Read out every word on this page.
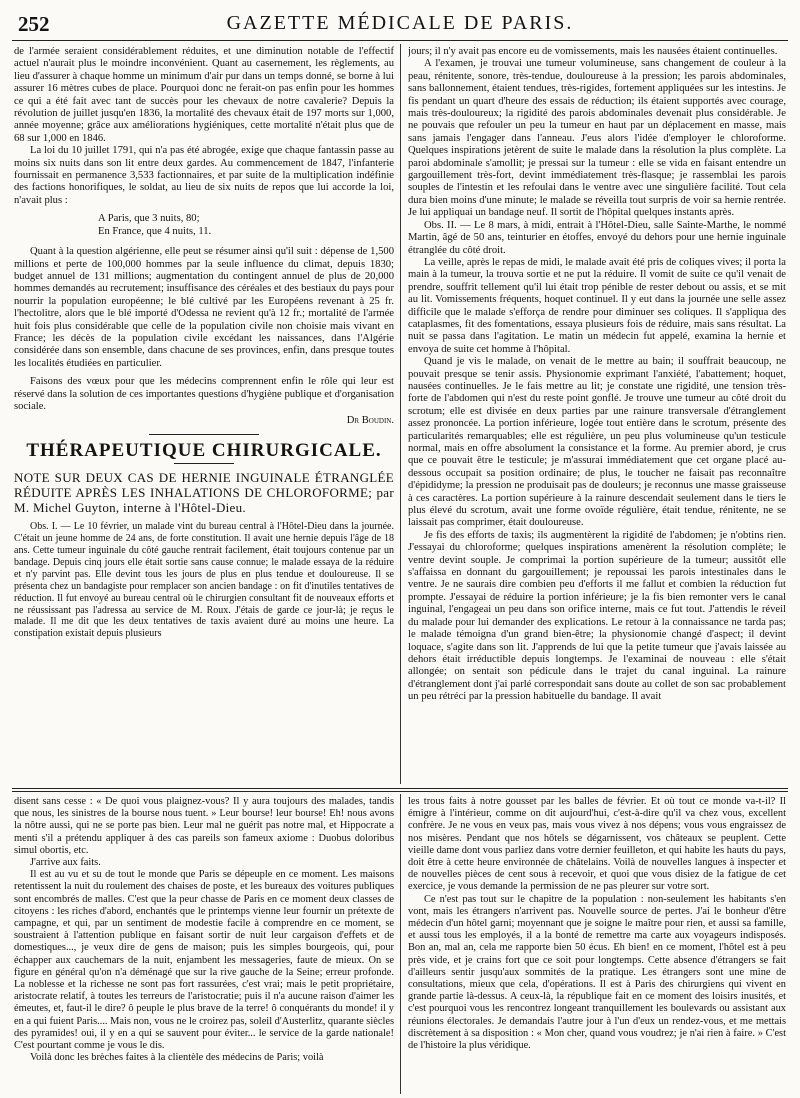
252	GAZETTE MÉDICALE DE PARIS.

de l'armée seraient considérablement réduites, et une diminution notable de l'effectif actuel n'aurait plus le moindre inconvénient. Quant au casernement, les règlements, au lieu d'assurer à chaque homme un minimum d'air pur dans un temps donné, se borne à lui assurer 16 mètres cubes de place. Pourquoi donc ne ferait-on pas enfin pour les hommes ce qui a été fait avec tant de succès pour les chevaux de notre cavalerie? Depuis la révolution de juillet jusqu'en 1836, la mortalité des chevaux était de 197 morts sur 1,000, année moyenne; grâce aux améliorations hygiéniques, cette mortalité n'était plus que de 68 sur 1,000 en 1846.

La loi du 10 juillet 1791, qui n'a pas été abrogée, exige que chaque fantassin passe au moins six nuits dans son lit entre deux gardes. Au commencement de 1847, l'infanterie fournissait en permanence 3,533 factionnaires, et par suite de la multiplication indéfinie des factions honorifiques, le soldat, au lieu de six nuits de repos que lui accorde la loi, n'avait plus :

A Paris, que 3 nuits, 80;
En France, que 4 nuits, 11.

Quant à la question algérienne, elle peut se résumer ainsi qu'il suit : dépense de 1,500 millions et perte de 100,000 hommes par la seule influence du climat, depuis 1830; budget annuel de 131 millions; augmentation du contingent annuel de plus de 20,000 hommes demandés au recrutement; insuffisance des céréales et des bestiaux du pays pour nourrir la population européenne; le blé cultivé par les Européens revenant à 25 fr. l'hectolitre, alors que le blé importé d'Odessa ne revient qu'à 12 fr.; mortalité de l'armée huit fois plus considérable que celle de la population civile non choisie mais vivant en France; les décès de la population civile excédant les naissances, dans l'Algérie considérée dans son ensemble, dans chacune de ses provinces, enfin, dans presque toutes les localités étudiées en particulier.

Faisons des vœux pour que les médecins comprennent enfin le rôle qui leur est réservé dans la solution de ces importantes questions d'hygiène publique et d'organisation sociale.

Dr Boudin.
THÉRAPEUTIQUE CHIRURGICALE.
NOTE SUR DEUX CAS DE HERNIE INGUINALE ÉTRANGLÉE RÉDUITE APRÈS LES INHALATIONS DE CHLOROFORME; par M. Michel Guyton, interne à l'Hôtel-Dieu.

Obs. I. — Le 10 février, un malade vint du bureau central à l'Hôtel-Dieu dans la journée. C'était un jeune homme de 24 ans, de forte constitution. Il avait une hernie depuis l'âge de 18 ans. Cette tumeur inguinale du côté gauche rentrait facilement, était toujours contenue par un bandage. Depuis cinq jours elle était sortie sans cause connue; le malade essaya de la réduire et n'y parvint pas. Elle devint tous les jours de plus en plus tendue et douloureuse. Il se présenta chez un bandagiste pour remplacer son ancien bandage : on fit d'inutiles tentatives de réduction. Il fut envoyé au bureau central où le chirurgien consultant fit de nouveaux efforts et ne réussissant pas l'adressa au service de M. Roux. J'étais de garde ce jour-là; je reçus le malade. Il me dit que les deux tentatives de taxis avaient duré au moins une heure. La constipation existait depuis plusieurs

jours; il n'y avait pas encore eu de vomissements, mais les nausées étaient continuelles.

A l'examen, je trouvai une tumeur volumineuse, sans changement de couleur à la peau, rénitente, sonore, très-tendue, douloureuse à la pression; les parois abdominales, sans ballonnement, étaient tendues, très-rigides, fortement appliquées sur les intestins. Je fis pendant un quart d'heure des essais de réduction; ils étaient supportés avec courage, mais très-douloureux; la rigidité des parois abdominales devenait plus considérable. Je ne pouvais que refouler un peu la tumeur en haut par un déplacement en masse, mais sans jamais l'engager dans l'anneau. J'eus alors l'idée d'employer le chloroforme. Quelques inspirations jetèrent de suite le malade dans la résolution la plus complète. La paroi abdominale s'amollit; je pressai sur la tumeur : elle se vida en faisant entendre un gargouillement très-fort, devint immédiatement très-flasque; je rassemblai les parois souples de l'intestin et les refoulai dans le ventre avec une singulière facilité. Tout cela dura bien moins d'une minute; le malade se réveilla tout surpris de voir sa hernie rentrée. Je lui appliquai un bandage neuf. Il sortit de l'hôpital quelques instants après.

Obs. II. — Le 8 mars, à midi, entrait à l'Hôtel-Dieu, salle Sainte-Marthe, le nommé Martin, âgé de 50 ans, teinturier en étoffes, envoyé du dehors pour une hernie inguinale étranglée du côté droit.

La veille, après le repas de midi, le malade avait été pris de coliques vives; il porta la main à la tumeur, la trouva sortie et ne put la réduire. Il vomit de suite ce qu'il venait de prendre, souffrit tellement qu'il lui était trop pénible de rester debout ou assis, et se mit au lit. Vomissements fréquents, hoquet continuel. Il y eut dans la journée une selle assez difficile que le malade s'efforça de rendre pour diminuer ses coliques. Il s'appliqua des cataplasmes, fit des fomentations, essaya plusieurs fois de réduire, mais sans résultat. La nuit se passa dans l'agitation. Le matin un médecin fut appelé, examina la hernie et envoya de suite cet homme à l'hôpital.

Quand je vis le malade, on venait de le mettre au bain; il souffrait beaucoup, ne pouvait presque se tenir assis. Physionomie exprimant l'anxiété, l'abattement; hoquet, nausées continuelles. Je le fais mettre au lit; je constate une rigidité, une tension très-forte de l'abdomen qui n'est du reste point gonflé. Je trouve une tumeur au côté droit du scrotum; elle est divisée en deux parties par une rainure transversale d'étranglement assez prononcée. La portion inférieure, logée tout entière dans le scrotum, présente des particularités remarquables; elle est régulière, un peu plus volumineuse qu'un testicule normal, mais en offre absolument la consistance et la forme. Au premier abord, je crus que ce pouvait être le testicule; je m'assurai immédiatement que cet organe placé au-dessous occupait sa position ordinaire; de plus, le toucher ne faisait pas reconnaître d'épididyme; la pression ne produisait pas de douleurs; je reconnus une masse graisseuse à ces caractères. La portion supérieure à la rainure descendait seulement dans le tiers le plus élevé du scrotum, avait une forme ovoïde régulière, était tendue, rénitente, ne se laissait pas comprimer, était douloureuse.

Je fis des efforts de taxis; ils augmentèrent la rigidité de l'abdomen; je n'obtins rien. J'essayai du chloroforme; quelques inspirations amenèrent la résolution complète; le ventre devint souple. Je comprimai la portion supérieure de la tumeur; aussitôt elle s'affaissa en donnant du gargouillement; je repoussai les parois intestinales dans le ventre. Je ne saurais dire combien peu d'efforts il me fallut et combien la réduction fut prompte. J'essayai de réduire la portion inférieure; je la fis bien remonter vers le canal inguinal, l'engageai un peu dans son orifice interne, mais ce fut tout. J'attendis le réveil du malade pour lui demander des explications. Le retour à la connaissance ne tarda pas; le malade témoigna d'un grand bien-être; la physionomie changé d'aspect; il devint loquace, s'agite dans son lit. J'apprends de lui que la petite tumeur que j'avais laissée au dehors était irréductible depuis longtemps. Je l'examinai de nouveau : elle s'était allongée; on sentait son pédicule dans le trajet du canal inguinal. La rainure d'étranglement dont j'ai parlé correspondait sans doute au collet de son sac probablement un peu rétréci par la pression habituelle du bandage. Il avait

disent sans cesse : « De quoi vous plaignez-vous? Il y aura toujours des malades, tandis que nous, les sinistres de la bourse nous tuent. » Leur bourse! leur bourse! Eh! nous avons la nôtre aussi, qui ne se porte pas bien. Leur mal ne guérit pas notre mal, et Hippocrate a menti s'il a prétendu appliquer à des cas pareils son fameux axiome : Duobus doloribus simul obortis, etc.

J'arrive aux faits.

Il est au vu et su de tout le monde que Paris se dépeuple en ce moment. Les maisons retentissent la nuit du roulement des chaises de poste, et les bureaux des voitures publiques sont encombrés de malles. C'est que la peur chasse de Paris en ce moment deux classes de citoyens : les riches d'abord, enchantés que le printemps vienne leur fournir un prétexte de campagne, et qui, par un sentiment de modestie facile à comprendre en ce moment, se soustraient à l'attention publique en faisant sortir de nuit leur cargaison d'effets et de domestiques..., je veux dire de gens de maison; puis les simples bourgeois, qui, pour échapper aux cauchemars de la nuit, enjambent les messageries, faute de mieux. On se figure en général qu'on n'a déménagé que sur la rive gauche de la Seine; erreur profonde. La noblesse et la richesse ne sont pas fort rassurées, c'est vrai; mais le petit propriétaire, aristocrate relatif, à toutes les terreurs de l'aristocratie; puis il n'a aucune raison d'aimer les émeutes, et, faut-il le dire? ô peuple le plus brave de la terre! ô conquérants du monde! il y en a qui fuient Paris.... Mais non, vous ne le croirez pas, soleil d'Austerlitz, quarante siècles des pyramides! oui, il y en a qui se sauvent pour éviter... le service de la garde nationale! C'est pourtant comme je vous le dis.

Voilà donc les brèches faites à la clientèle des médecins de Paris; voilà

les trous faits à notre gousset par les balles de février. Et où tout ce monde va-t-il? Il émigre à l'intérieur, comme on dit aujourd'hui, c'est-à-dire qu'il va chez vous, excellent confrère. Je ne vous en veux pas, mais vous vivez à nos dépens; vous vous engraissez de nos misères. Pendant que nos hôtels se dégarnissent, vos châteaux se peuplent. Cette vieille dame dont vous parliez dans votre dernier feuilleton, et qui habite les hauts du pays, doit être à cette heure environnée de châtelains. Voilà de nouvelles langues à inspecter et de nouvelles pièces de cent sous à recevoir, et quoi que vous disiez de la fatigue de cet exercice, je vous demande la permission de ne pas pleurer sur votre sort.

Ce n'est pas tout sur le chapitre de la population : non-seulement les habitants s'en vont, mais les étrangers n'arrivent pas. Nouvelle source de pertes. J'ai le bonheur d'être médecin d'un hôtel garni; moyennant que je soigne le maître pour rien, et aussi sa famille, et aussi tous les employés, il a la bonté de remettre ma carte aux voyageurs indisposés. Bon an, mal an, cela me rapporte bien 50 écus. Eh bien! en ce moment, l'hôtel est à peu près vide, et je crains fort que ce soit pour longtemps. Cette absence d'étrangers se fait d'ailleurs sentir jusqu'aux sommités de la pratique. Les étrangers sont une mine de consultations, mieux que cela, d'opérations. Il est à Paris des chirurgiens qui vivent en grande partie là-dessus. A ceux-là, la république fait en ce moment des loisirs inusités, et c'est pourquoi vous les rencontrez longeant tranquillement les boulevards ou assistant aux réunions électorales. Je demandais l'autre jour à l'un d'eux un rendez-vous, et me mettais discrètement à sa disposition : « Mon cher, quand vous voudrez; je n'ai rien à faire. » C'est de l'histoire la plus véridique.
